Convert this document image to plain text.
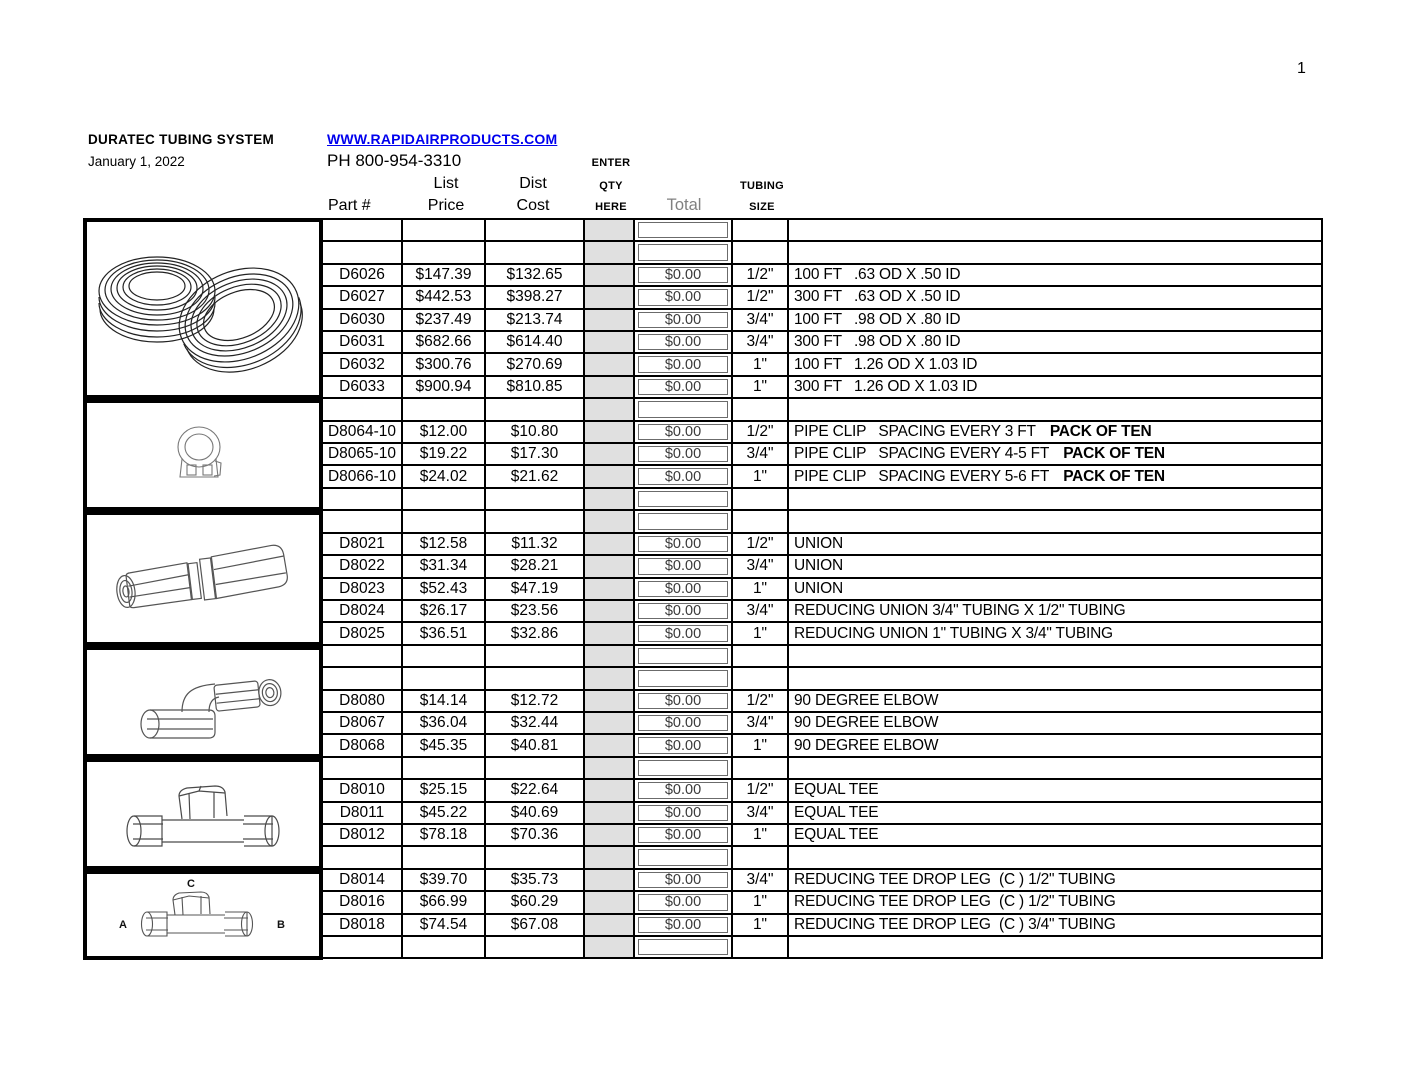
1
DURATEC TUBING SYSTEM
January 1, 2022
WWW.RAPIDAIRPRODUCTS.COM
PH 800-954-3310
Part #
List
Price
Dist
Cost
ENTER
QTY
HERE Total
TUBING
SIZE
D6026	$147.39	$132.65	$0.00	1/2"	100 FT   .63 OD X .50 ID
D6027	$442.53	$398.27	$0.00	1/2"	300 FT   .63 OD X .50 ID
D6030	$237.49	$213.74	$0.00	3/4"	100 FT   .98 OD X .80 ID
D6031	$682.66	$614.40	$0.00	3/4"	300 FT   .98 OD X .80 ID
D6032	$300.76	$270.69	$0.00	1"	100 FT   1.26 OD X 1.03 ID
D6033	$900.94	$810.85	$0.00	1"	300 FT   1.26 OD X 1.03 ID
D8064-10	$12.00	$10.80	$0.00	1/2"	PIPE CLIP   SPACING EVERY 3 FT PACK OF TEN
D8065-10	$19.22	$17.30	$0.00	3/4"	PIPE CLIP   SPACING EVERY 4-5 FT PACK OF TEN
D8066-10	$24.02	$21.62	$0.00	1"	PIPE CLIP   SPACING EVERY 5-6 FT PACK OF TEN
D8021	$12.58	$11.32	$0.00	1/2"	UNION
D8022	$31.34	$28.21	$0.00	3/4"	UNION
D8023	$52.43	$47.19	$0.00	1"	UNION
D8024	$26.17	$23.56	$0.00	3/4"	REDUCING UNION 3/4" TUBING X 1/2" TUBING
D8025	$36.51	$32.86	$0.00	1"	REDUCING UNION 1" TUBING X 3/4" TUBING
D8080	$14.14	$12.72	$0.00	1/2"	90 DEGREE ELBOW
D8067	$36.04	$32.44	$0.00	3/4"	90 DEGREE ELBOW
D8068	$45.35	$40.81	$0.00	1"	90 DEGREE ELBOW
D8010	$25.15	$22.64	$0.00	1/2"	EQUAL TEE
D8011	$45.22	$40.69	$0.00	3/4"	EQUAL TEE
D8012	$78.18	$70.36	$0.00	1"	EQUAL TEE
C
A	B
D8014	$39.70	$35.73	$0.00	3/4"	REDUCING TEE DROP LEG  (C ) 1/2" TUBING
D8016	$66.99	$60.29	$0.00	1"	REDUCING TEE DROP LEG  (C ) 1/2" TUBING
D8018	$74.54	$67.08	$0.00	1"	REDUCING TEE DROP LEG  (C ) 3/4" TUBING
